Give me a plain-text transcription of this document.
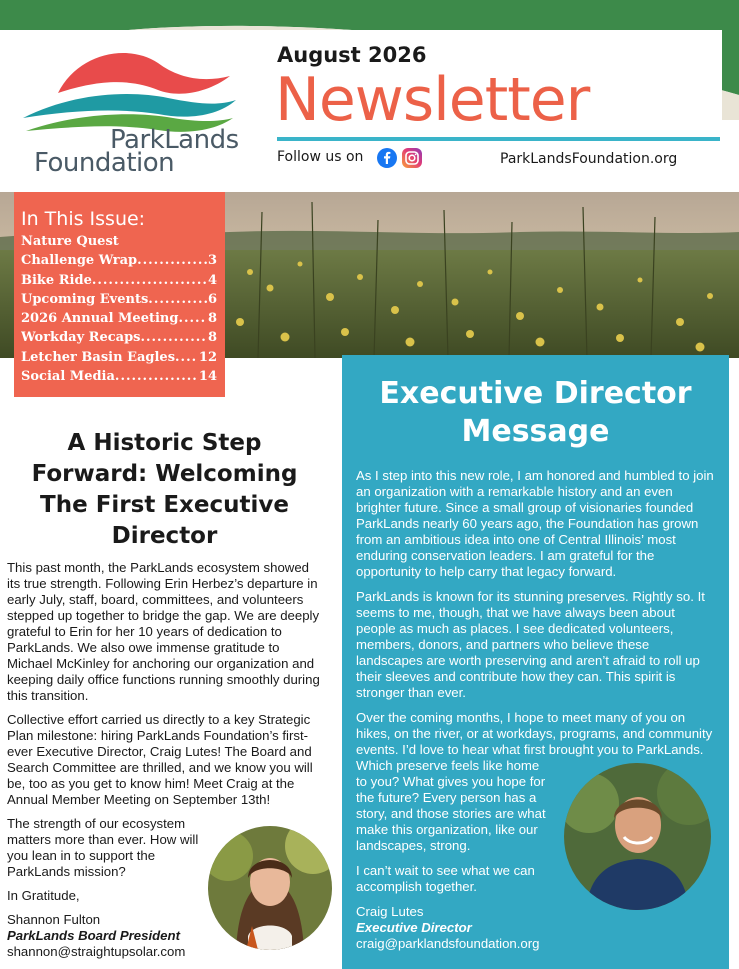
August 2026
Newsletter
Follow us on	ParkLandsFoundation.org
ParkLands
Foundation
In This Issue:
Nature Quest
Challenge Wrap .....	3
Bike Ride .....	4
Upcoming Events .....	6
2026 Annual Meeting ..... 8
Workday Recaps .....	8
Letcher Basin Eagles ..... 12
Social Media .....	14
A Historic Step Forward: Welcoming The First Executive Director

This past month, the ParkLands ecosystem showed its true strength. Following Erin Herbez’s departure in early July, staff, board, committees, and volunteers stepped up together to bridge the gap. We are deeply grateful to Erin for her 10 years of dedication to ParkLands. We also owe immense gratitude to Michael McKinley for anchoring our organization and keeping daily office functions running smoothly during this transition.

Collective effort carried us directly to a key Strategic Plan milestone: hiring ParkLands Foundation’s first-ever Executive Director, Craig Lutes! The Board and Search Committee are thrilled, and we know you will be, too as you get to know him! Meet Craig at the Annual Member Meeting on September 13th!

The strength of our ecosystem matters more than ever. How will you lean in to support the ParkLands mission?

In Gratitude,

Shannon Fulton
ParkLands Board President
shannon@straightupsolar.com
Executive Director Message

As I step into this new role, I am honored and humbled to join an organization with a remarkable history and an even brighter future. Since a small group of visionaries founded ParkLands nearly 60 years ago, the Foundation has grown from an ambitious idea into one of Central Illinois’ most enduring conservation leaders. I am grateful for the opportunity to help carry that legacy forward.

ParkLands is known for its stunning preserves. Rightly so. It seems to me, though, that we have always been about people as much as places. I see dedicated volunteers, members, donors, and partners who believe these landscapes are worth preserving and aren’t afraid to roll up their sleeves and contribute how they can. This spirit is stronger than ever.

Over the coming months, I hope to meet many of you on hikes, on the river, or at workdays, programs, and community events. I’d love to hear what first brought you to ParkLands.

Which preserve feels like home to you? What gives you hope for the future? Every person has a story, and those stories are what make this organization, like our landscapes, strong.

I can’t wait to see what we can accomplish together.

Craig Lutes
Executive Director
craig@parklandsfoundation.org
